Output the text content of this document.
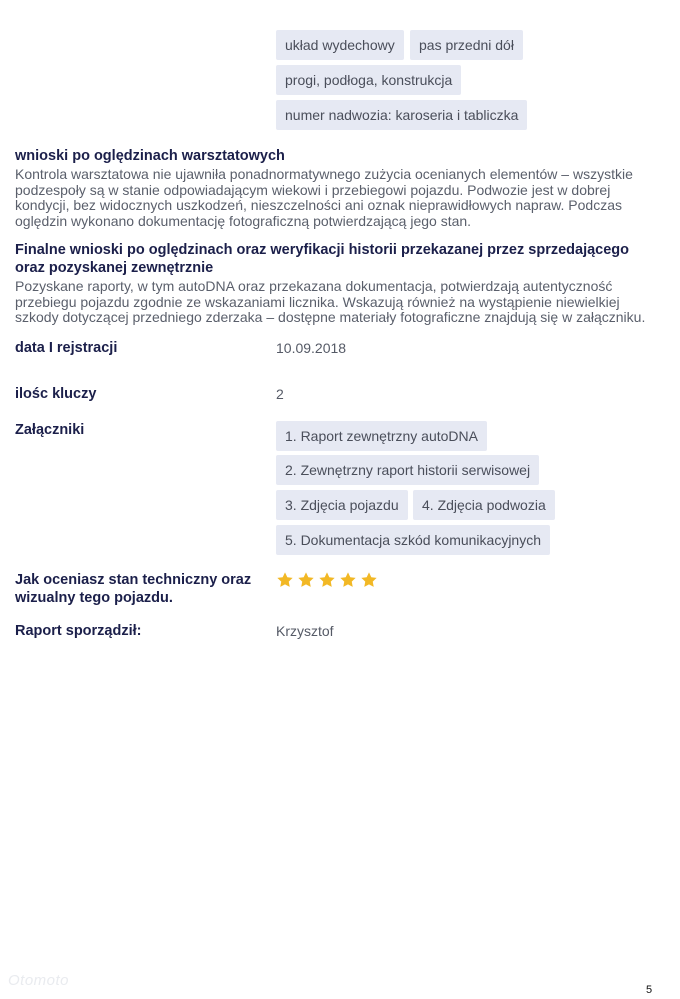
układ wydechowy	pas przedni dół
progi, podłoga, konstrukcja
numer nadwozia: karoseria i tabliczka
wnioski po oględzinach warsztatowych
Kontrola warsztatowa nie ujawniła ponadnormatywnego zużycia ocenianych elementów – wszystkie podzespoły są w stanie odpowiadającym wiekowi i przebiegowi pojazdu. Podwozie jest w dobrej kondycji, bez widocznych uszkodzeń, nieszczelności ani oznak nieprawidłowych napraw. Podczas oględzin wykonano dokumentację fotograficzną potwierdzającą jego stan.
Finalne wnioski po oględzinach oraz weryfikacji historii przekazanej przez sprzedającego oraz pozyskanej zewnętrznie
Pozyskane raporty, w tym autoDNA oraz przekazana dokumentacja, potwierdzają autentyczność przebiegu pojazdu zgodnie ze wskazaniami licznika. Wskazują również na wystąpienie niewielkiej szkody dotyczącej przedniego zderzaka – dostępne materiały fotograficzne znajdują się w załączniku.
data I rejstracji	10.09.2018
ilośc kluczy	2
Załączniki	1. Raport zewnętrzny autoDNA
2. Zewnętrzny raport historii serwisowej
3. Zdjęcia pojazdu	4. Zdjęcia podwozia
5. Dokumentacja szkód komunikacyjnych
Jak oceniasz stan techniczny oraz wizualny tego pojazdu.
Raport sporządził:	Krzysztof
Otomoto
5
